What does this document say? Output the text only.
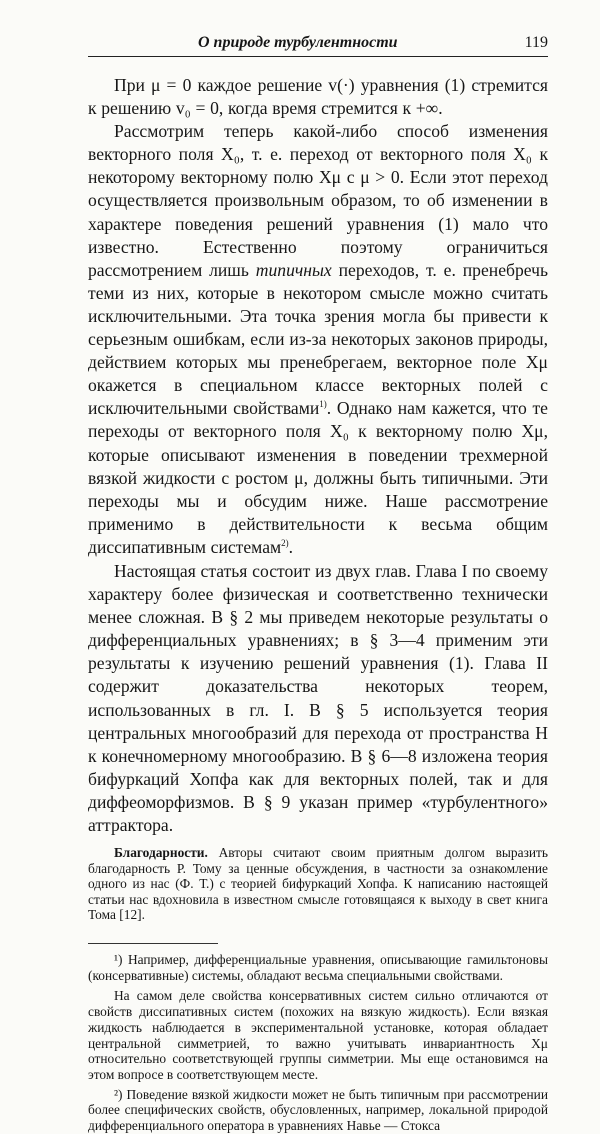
О природе турбулентности	119

При μ = 0 каждое решение v(·) уравнения (1) стремится к решению v₀ = 0, когда время стремится к +∞.

Рассмотрим теперь какой-либо способ изменения векторного поля X₀, т. е. переход от векторного поля X₀ к некоторому векторному полю Xμ с μ > 0. Если этот переход осуществляется произвольным образом, то об изменении в характере поведения решений уравнения (1) мало что известно. Естественно поэтому ограничиться рассмотрением лишь типичных переходов, т. е. пренебречь теми из них, которые в некотором смысле можно считать исключительными. Эта точка зрения могла бы привести к серьезным ошибкам, если из-за некоторых законов природы, действием которых мы пренебрегаем, векторное поле Xμ окажется в специальном классе векторных полей с исключительными свойствами$^{1)}$. Однако нам кажется, что те переходы от векторного поля X₀ к векторному полю Xμ, которые описывают изменения в поведении трехмерной вязкой жидкости с ростом μ, должны быть типичными. Эти переходы мы и обсудим ниже. Наше рассмотрение применимо в действительности к весьма общим диссипативным системам$^{2)}$.

Настоящая статья состоит из двух глав. Глава I по своему характеру более физическая и соответственно технически менее сложная. В § 2 мы приведем некоторые результаты о дифференциальных уравнениях; в § 3—4 применим эти результаты к изучению решений уравнения (1). Глава II содержит доказательства некоторых теорем, использованных в гл. I. В § 5 используется теория центральных многообразий для перехода от пространства H к конечномерному многообразию. В § 6—8 изложена теория бифуркаций Хопфа как для векторных полей, так и для диффеоморфизмов. В § 9 указан пример «турбулентного» аттрактора.

Благодарности. Авторы считают своим приятным долгом выразить благодарность Р. Тому за ценные обсуждения, в частности за ознакомление одного из нас (Ф. Т.) с теорией бифуркаций Хопфа. К написанию настоящей статьи нас вдохновила в известном смысле готовящаяся к выходу в свет книга Тома [12].

¹) Например, дифференциальные уравнения, описывающие гамильтоновы (консервативные) системы, обладают весьма специальными свойствами.

На самом деле свойства консервативных систем сильно отличаются от свойств диссипативных систем (похожих на вязкую жидкость). Если вязкая жидкость наблюдается в экспериментальной установке, которая обладает центральной симметрией, то важно учитывать инвариантность Xμ относительно соответствующей группы симметрии. Мы еще остановимся на этом вопросе в соответствующем месте.

²) Поведение вязкой жидкости может не быть типичным при рассмотрении более специфических свойств, обусловленных, например, локальной природой дифференциального оператора в уравнениях Навье — Стокса
